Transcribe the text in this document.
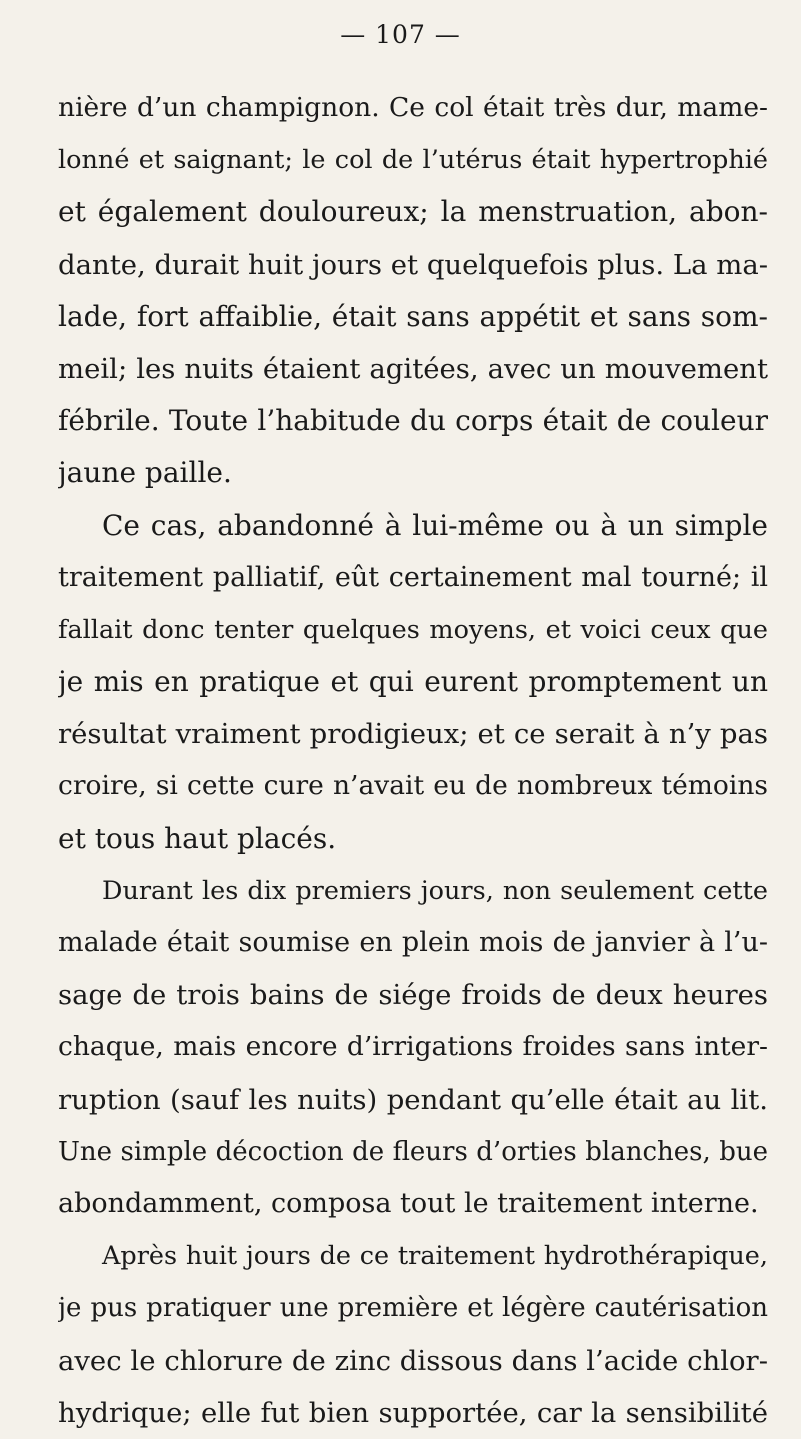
— 107 —
nière d’un champignon. Ce col était très dur, mame-
lonné et saignant; le col de l’utérus était hypertrophié
et également douloureux; la menstruation, abon-
dante, durait huit jours et quelquefois plus. La ma-
lade, fort affaiblie, était sans appétit et sans som-
meil; les nuits étaient agitées, avec un mouvement
fébrile. Toute l’habitude du corps était de couleur
jaune paille.
Ce cas, abandonné à lui-même ou à un simple
traitement palliatif, eût certainement mal tourné; il
fallait donc tenter quelques moyens, et voici ceux que
je mis en pratique et qui eurent promptement un
résultat vraiment prodigieux; et ce serait à n’y pas
croire, si cette cure n’avait eu de nombreux témoins
et tous haut placés.
Durant les dix premiers jours, non seulement cette
malade était soumise en plein mois de janvier à l’u-
sage de trois bains de siége froids de deux heures
chaque, mais encore d’irrigations froides sans inter-
ruption (sauf les nuits) pendant qu’elle était au lit.
Une simple décoction de fleurs d’orties blanches, bue
abondamment, composa tout le traitement interne.
Après huit jours de ce traitement hydrothérapique,
je pus pratiquer une première et légère cautérisation
avec le chlorure de zinc dissous dans l’acide chlor-
hydrique; elle fut bien supportée, car la sensibilité
